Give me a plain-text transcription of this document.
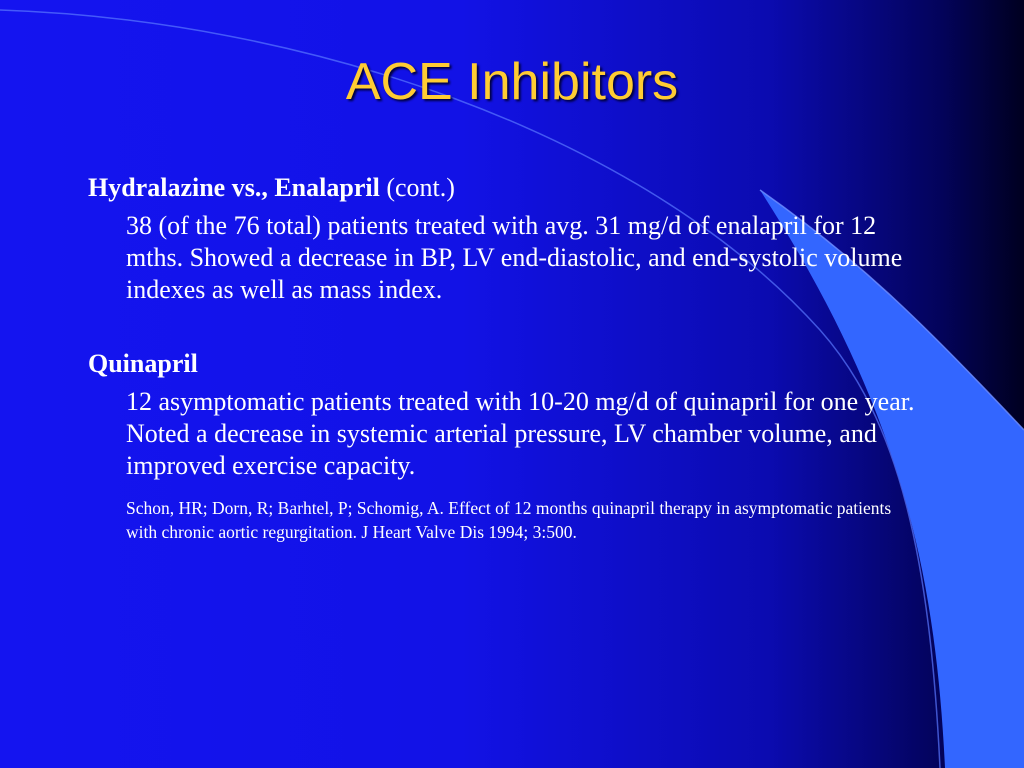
ACE Inhibitors

Hydralazine vs., Enalapril (cont.)

38 (of the 76 total) patients treated with avg. 31 mg/d of enalapril for 12 mths. Showed a decrease in BP, LV end-diastolic, and end-systolic volume indexes as well as mass index.

Quinapril

12 asymptomatic patients treated with 10-20 mg/d of quinapril for one year. Noted a decrease in systemic arterial pressure, LV chamber volume, and improved exercise capacity.

Schon, HR; Dorn, R; Barhtel, P; Schomig, A. Effect of 12 months quinapril therapy in asymptomatic patients with chronic aortic regurgitation. J Heart Valve Dis 1994; 3:500.
